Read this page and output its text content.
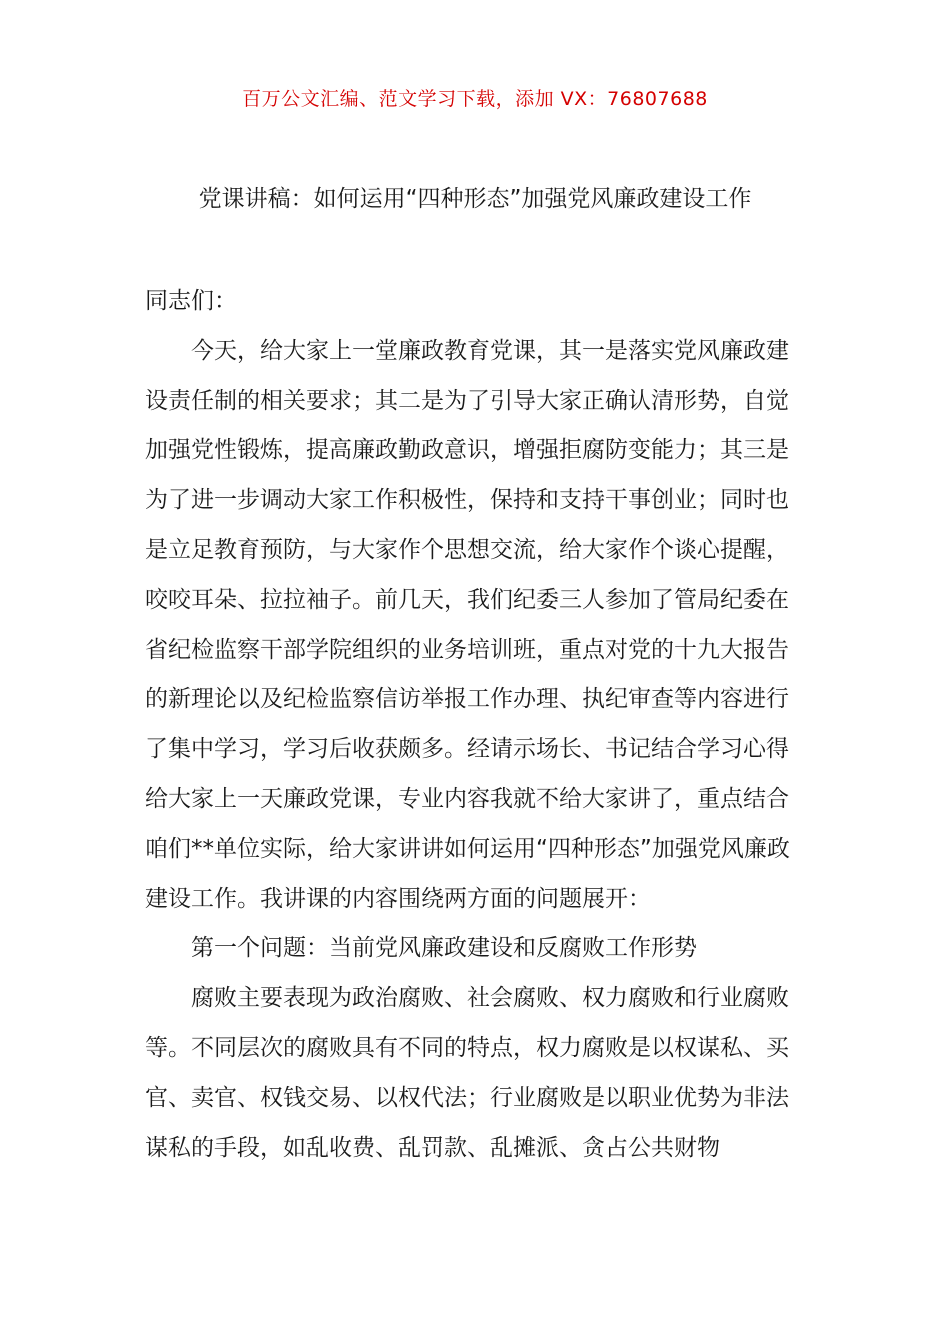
百万公文汇编、范文学习下载，添加 VX：76807688
党课讲稿：如何运用“四种形态”加强党风廉政建设工作

同志们：

今天，给大家上一堂廉政教育党课，其一是落实党风廉政建设责任制的相关要求；其二是为了引导大家正确认清形势，自觉加强党性锻炼，提高廉政勤政意识，增强拒腐防变能力；其三是为了进一步调动大家工作积极性，保持和支持干事创业；同时也是立足教育预防，与大家作个思想交流，给大家作个谈心提醒，咬咬耳朵、拉拉袖子。前几天，我们纪委三人参加了管局纪委在省纪检监察干部学院组织的业务培训班，重点对党的十九大报告的新理论以及纪检监察信访举报工作办理、执纪审查等内容进行了集中学习，学习后收获颇多。经请示场长、书记结合学习心得给大家上一天廉政党课，专业内容我就不给大家讲了，重点结合咱们**单位实际，给大家讲讲如何运用“四种形态”加强党风廉政建设工作。我讲课的内容围绕两方面的问题展开：

第一个问题：当前党风廉政建设和反腐败工作形势

腐败主要表现为政治腐败、社会腐败、权力腐败和行业腐败等。不同层次的腐败具有不同的特点，权力腐败是以权谋私、买官、卖官、权钱交易、以权代法；行业腐败是以职业优势为非法谋私的手段，如乱收费、乱罚款、乱摊派、贪占公共财物
